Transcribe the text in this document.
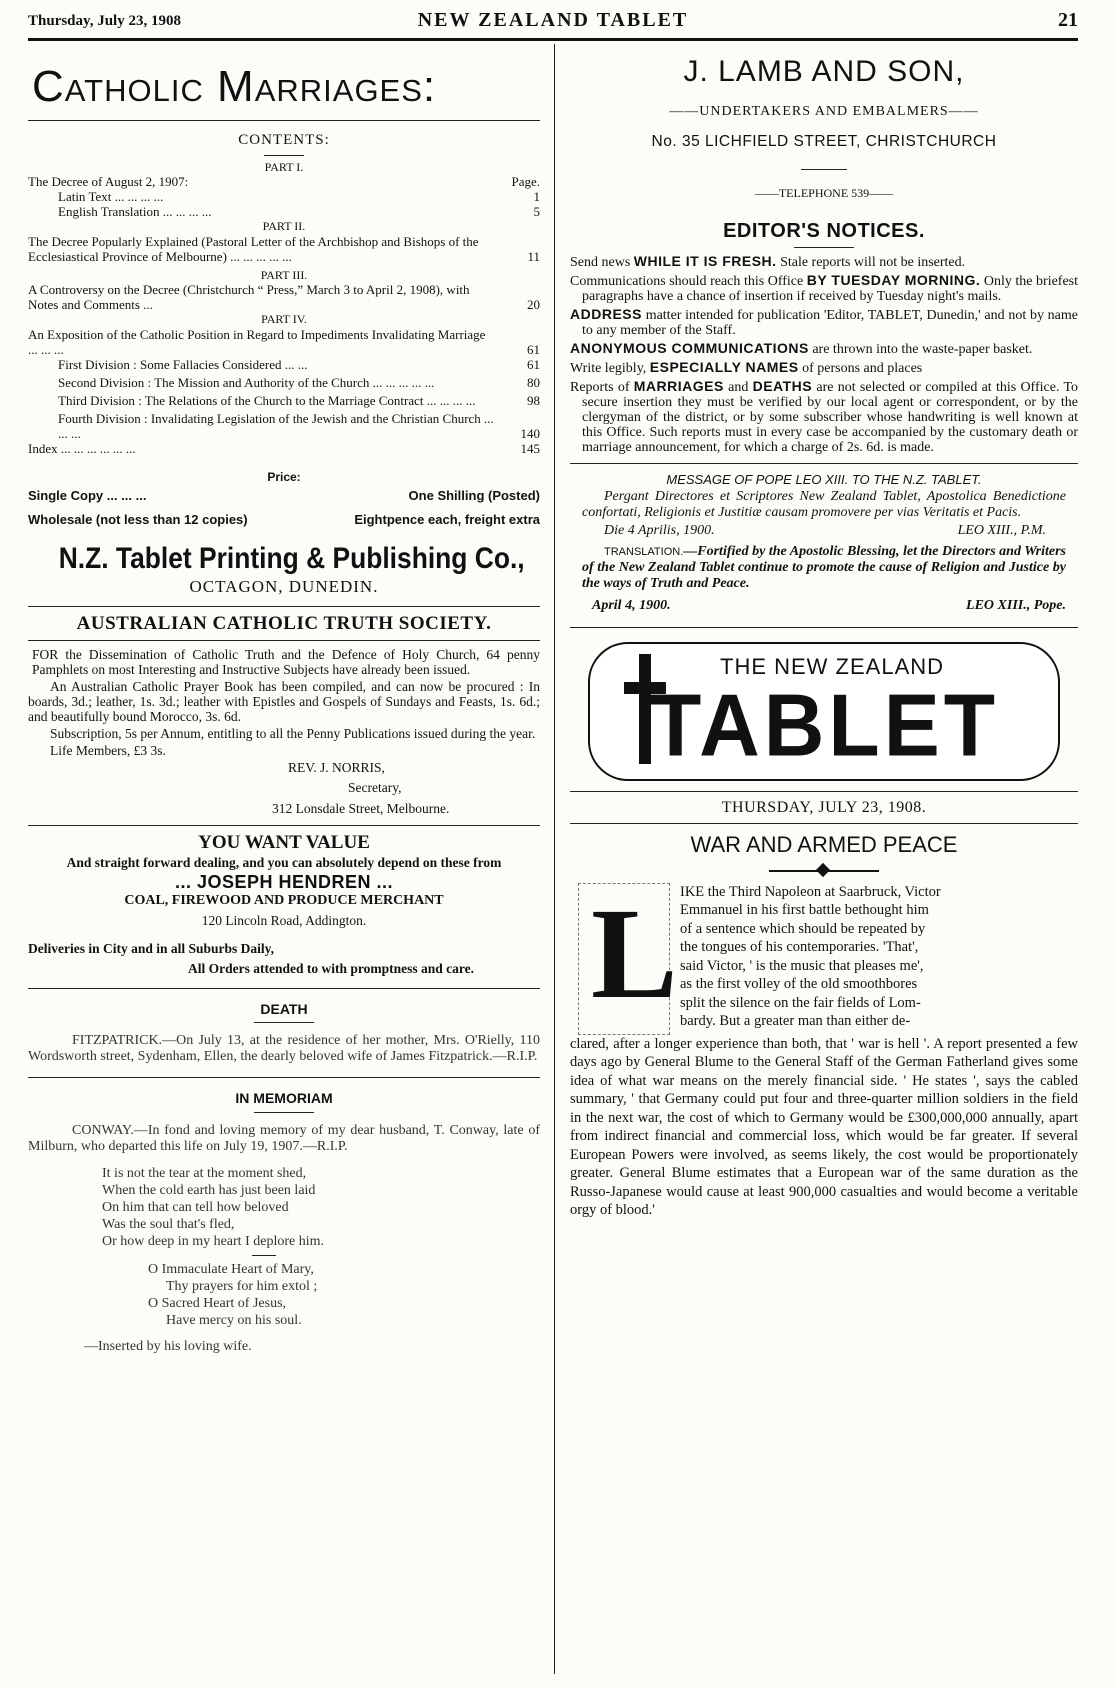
Thursday, July 23, 1908	NEW ZEALAND TABLET	21
Catholic Marriages:
CONTENTS:
PART I.
The Decree of August 2, 1907:	Page.
Latin Text ... ... ... ...	1
English Translation ... ... ... ...	5
PART II.
The Decree Popularly Explained (Pastoral Letter of the Archbishop and Bishops of the Ecclesiastical Province of Melbourne) ... ... ... ... ...	11
PART III.
A Controversy on the Decree (Christchurch “ Press,” March 3 to April 2, 1908), with Notes and Comments ...	20
PART IV.
An Exposition of the Catholic Position in Regard to Impediments Invalidating Marriage ... ... ...	61
First Division : Some Fallacies Considered ... ...	61
Second Division : The Mission and Authority of the Church ... ... ... ... ...	80
Third Division : The Relations of the Church to the Marriage Contract ... ... ... ...	98
Fourth Division : Invalidating Legislation of the Jewish and the Christian Church ... ... ...	140
Index ... ... ... ... ... ...	145
Price:
Single Copy ... ... ...	One Shilling (Posted)
Wholesale (not less than 12 copies)	Eightpence each, freight extra
N.Z. Tablet Printing & Publishing Co.,
OCTAGON, DUNEDIN.
AUSTRALIAN CATHOLIC TRUTH SOCIETY.

FOR the Dissemination of Catholic Truth and the Defence of Holy Church, 64 penny Pamphlets on most Interesting and Instructive Subjects have already been issued.

An Australian Catholic Prayer Book has been compiled, and can now be procured : In boards, 3d.; leather, 1s. 3d.; leather with Epistles and Gospels of Sundays and Feasts, 1s. 6d.; and beautifully bound Morocco, 3s. 6d.

Subscription, 5s per Annum, entitling to all the Penny Publications issued during the year.

Life Members, £3 3s.

REV. J. NORRIS,

Secretary,

312 Lonsdale Street, Melbourne.

YOU WANT VALUE
And straight forward dealing, and you can absolutely depend on these from
... JOSEPH HENDREN ...
COAL, FIREWOOD AND PRODUCE MERCHANT
120 Lincoln Road, Addington.
Deliveries in City and in all Suburbs Daily,
All Orders attended to with promptness and care.
DEATH

FITZPATRICK.—On July 13, at the residence of her mother, Mrs. O'Rielly, 110 Wordsworth street, Sydenham, Ellen, the dearly beloved wife of James Fitzpatrick.—R.I.P.

IN MEMORIAM

CONWAY.—In fond and loving memory of my dear husband, T. Conway, late of Milburn, who departed this life on July 19, 1907.—R.I.P.

It is not the tear at the moment shed,
When the cold earth has just been laid
On him that can tell how beloved
Was the soul that's fled,
Or how deep in my heart I deplore him.
O Immaculate Heart of Mary,
Thy prayers for him extol ;
O Sacred Heart of Jesus,
Have mercy on his soul.

—Inserted by his loving wife.

J. LAMB AND SON,
——UNDERTAKERS AND EMBALMERS——
No. 35 LICHFIELD STREET, CHRISTCHURCH
——TELEPHONE 539——
EDITOR'S NOTICES.

Send news WHILE IT IS FRESH. Stale reports will not be inserted.

Communications should reach this Office BY TUESDAY MORNING. Only the briefest paragraphs have a chance of insertion if received by Tuesday night's mails.

ADDRESS matter intended for publication 'Editor, TABLET, Dunedin,' and not by name to any member of the Staff.

ANONYMOUS COMMUNICATIONS are thrown into the waste-paper basket.

Write legibly, ESPECIALLY NAMES of persons and places

Reports of MARRIAGES and DEATHS are not selected or compiled at this Office. To secure insertion they must be verified by our local agent or correspondent, or by the clergyman of the district, or by some subscriber whose handwriting is well known at this Office. Such reports must in every case be accompanied by the customary death or marriage announcement, for which a charge of 2s. 6d. is made.

MESSAGE OF POPE LEO XIII. TO THE N.Z. TABLET.

Pergant Directores et Scriptores New Zealand Tablet, Apostolica Benedictione confortati, Religionis et Justitiæ causam promovere per vias Veritatis et Pacis.

Die 4 Aprilis, 1900.	LEO XIII., P.M.

TRANSLATION.—Fortified by the Apostolic Blessing, let the Directors and Writers of the New Zealand Tablet continue to promote the cause of Religion and Justice by the ways of Truth and Peace.

April 4, 1900.	LEO XIII., Pope.
THE NEW ZEALAND
TABLET
THURSDAY, JULY 23, 1908.
WAR AND ARMED PEACE
L IKE the Third Napoleon at Saarbruck, Victor
Emmanuel in his first battle bethought him
of a sentence which should be repeated by
the tongues of his contemporaries. 'That',
said Victor, ' is the music that pleases me',
as the first volley of the old smoothbores
split the silence on the fair fields of Lom-
bardy. But a greater man than either de-

clared, after a longer experience than both, that ' war is hell '. A report presented a few days ago by General Blume to the General Staff of the German Fatherland gives some idea of what war means on the merely financial side. ' He states ', says the cabled summary, ' that Germany could put four and three-quarter million soldiers in the field in the next war, the cost of which to Germany would be £300,000,000 annually, apart from indirect financial and commercial loss, which would be far greater. If several European Powers were involved, as seems likely, the cost would be proportionately greater. General Blume estimates that a European war of the same duration as the Russo-Japanese would cause at least 900,000 casualties and would become a veritable orgy of blood.'
